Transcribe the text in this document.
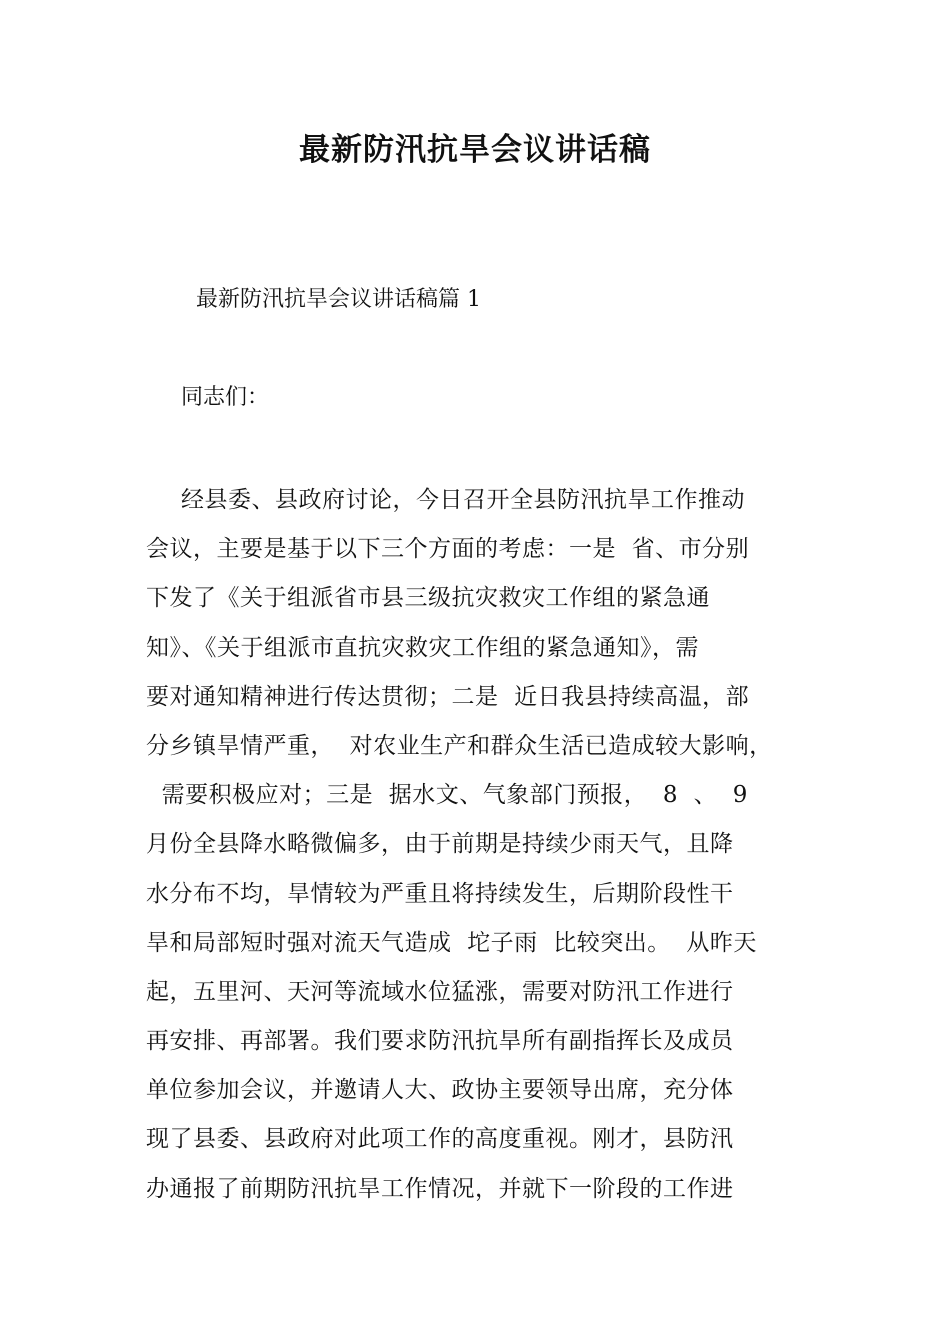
最新防汛抗旱会议讲话稿
最新防汛抗旱会议讲话稿篇 1
同志们：
经县委、县政府讨论，今日召开全县防汛抗旱工作推动
会议，主要是基于以下三个方面的考虑：一是  省、市分别
下发了《关于组派省市县三级抗灾救灾工作组的紧急通
知》、《关于组派市直抗灾救灾工作组的紧急通知》，需
要对通知精神进行传达贯彻；二是  近日我县持续高温，部
分乡镇旱情严重，  对农业生产和群众生活已造成较大影响，
需要积极应对；三是  据水文、气象部门预报，  8  、  9
月份全县降水略微偏多，由于前期是持续少雨天气，且降
水分布不均，旱情较为严重且将持续发生，后期阶段性干
旱和局部短时强对流天气造成  坨子雨  比较突出。  从昨天
起，五里河、天河等流域水位猛涨，需要对防汛工作进行
再安排、再部署。我们要求防汛抗旱所有副指挥长及成员
单位参加会议，并邀请人大、政协主要领导出席，充分体
现了县委、县政府对此项工作的高度重视。刚才，县防汛
办通报了前期防汛抗旱工作情况，并就下一阶段的工作进
